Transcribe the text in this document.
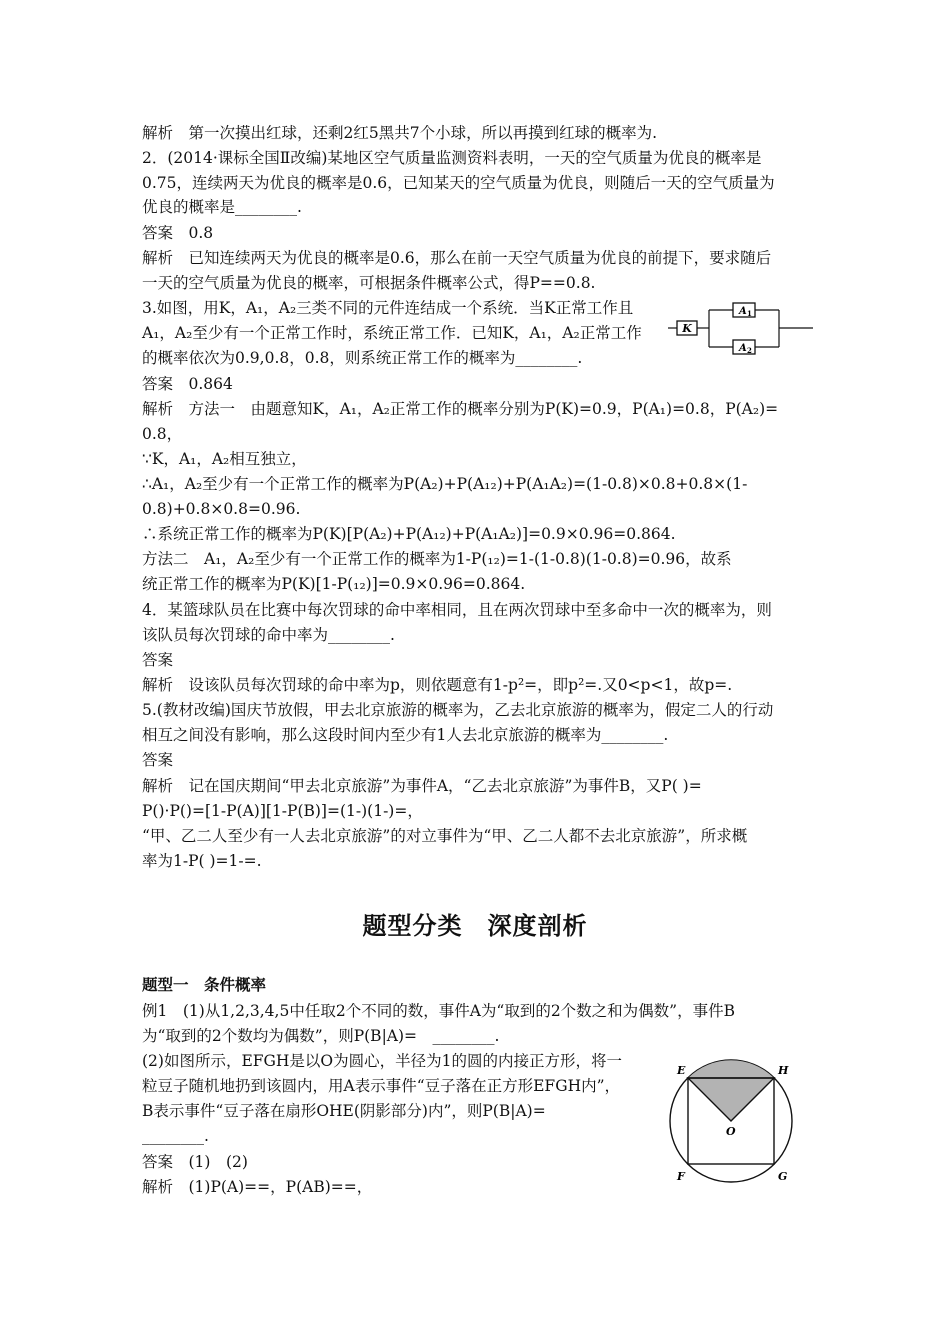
解析　第一次摸出红球，还剩2红5黑共7个小球，所以再摸到红球的概率为.
2．(2014·课标全国Ⅱ改编)某地区空气质量监测资料表明，一天的空气质量为优良的概率是
0.75，连续两天为优良的概率是0.6，已知某天的空气质量为优良，则随后一天的空气质量为
优良的概率是________.
答案　0.8
解析　已知连续两天为优良的概率是0.6，那么在前一天空气质量为优良的前提下，要求随后
一天的空气质量为优良的概率，可根据条件概率公式，得P==0.8.
3.如图，用K，A₁，A₂三类不同的元件连结成一个系统．当K正常工作且
A₁，A₂至少有一个正常工作时，系统正常工作．已知K，A₁，A₂正常工作
的概率依次为0.9,0.8，0.8，则系统正常工作的概率为________.
答案　0.864
解析　方法一　由题意知K，A₁，A₂正常工作的概率分别为P(K)=0.9，P(A₁)=0.8，P(A₂)=
0.8，
∵K，A₁，A₂相互独立，
∴A₁，A₂至少有一个正常工作的概率为P(A₂)+P(A₁₂)+P(A₁A₂)=(1-0.8)×0.8+0.8×(1-
0.8)+0.8×0.8=0.96.
∴系统正常工作的概率为P(K)[P(A₂)+P(A₁₂)+P(A₁A₂)]=0.9×0.96=0.864.
方法二　A₁，A₂至少有一个正常工作的概率为1-P(₁₂)=1-(1-0.8)(1-0.8)=0.96，故系
统正常工作的概率为P(K)[1-P(₁₂)]=0.9×0.96=0.864.
4．某篮球队员在比赛中每次罚球的命中率相同，且在两次罚球中至多命中一次的概率为，则
该队员每次罚球的命中率为________.
答案
解析　设该队员每次罚球的命中率为p，则依题意有1-p²=，即p²=.又0<p<1，故p=.
5.(教材改编)国庆节放假，甲去北京旅游的概率为，乙去北京旅游的概率为，假定二人的行动
相互之间没有影响，那么这段时间内至少有1人去北京旅游的概率为________.
答案
解析　记在国庆期间“甲去北京旅游”为事件A，“乙去北京旅游”为事件B，又P( )=
P()·P()=[1-P(A)][1-P(B)]=(1-)(1-)=，
“甲、乙二人至少有一人去北京旅游”的对立事件为“甲、乙二人都不去北京旅游”，所求概
率为1-P( )=1-=.
K
A 1
A 2
题型分类　深度剖析
题型一　条件概率
例1　(1)从1,2,3,4,5中任取2个不同的数，事件A为“取到的2个数之和为偶数”，事件B
为“取到的2个数均为偶数”，则P(B|A)=　________.
(2)如图所示，EFGH是以O为圆心，半径为1的圆的内接正方形，将一
粒豆子随机地扔到该圆内，用A表示事件“豆子落在正方形EFGH内”，
B表示事件“豆子落在扇形OHE(阴影部分)内”，则P(B|A)=
________.
答案　(1)　(2)
解析　(1)P(A)==，P(AB)==，
E	H
F	G
O
